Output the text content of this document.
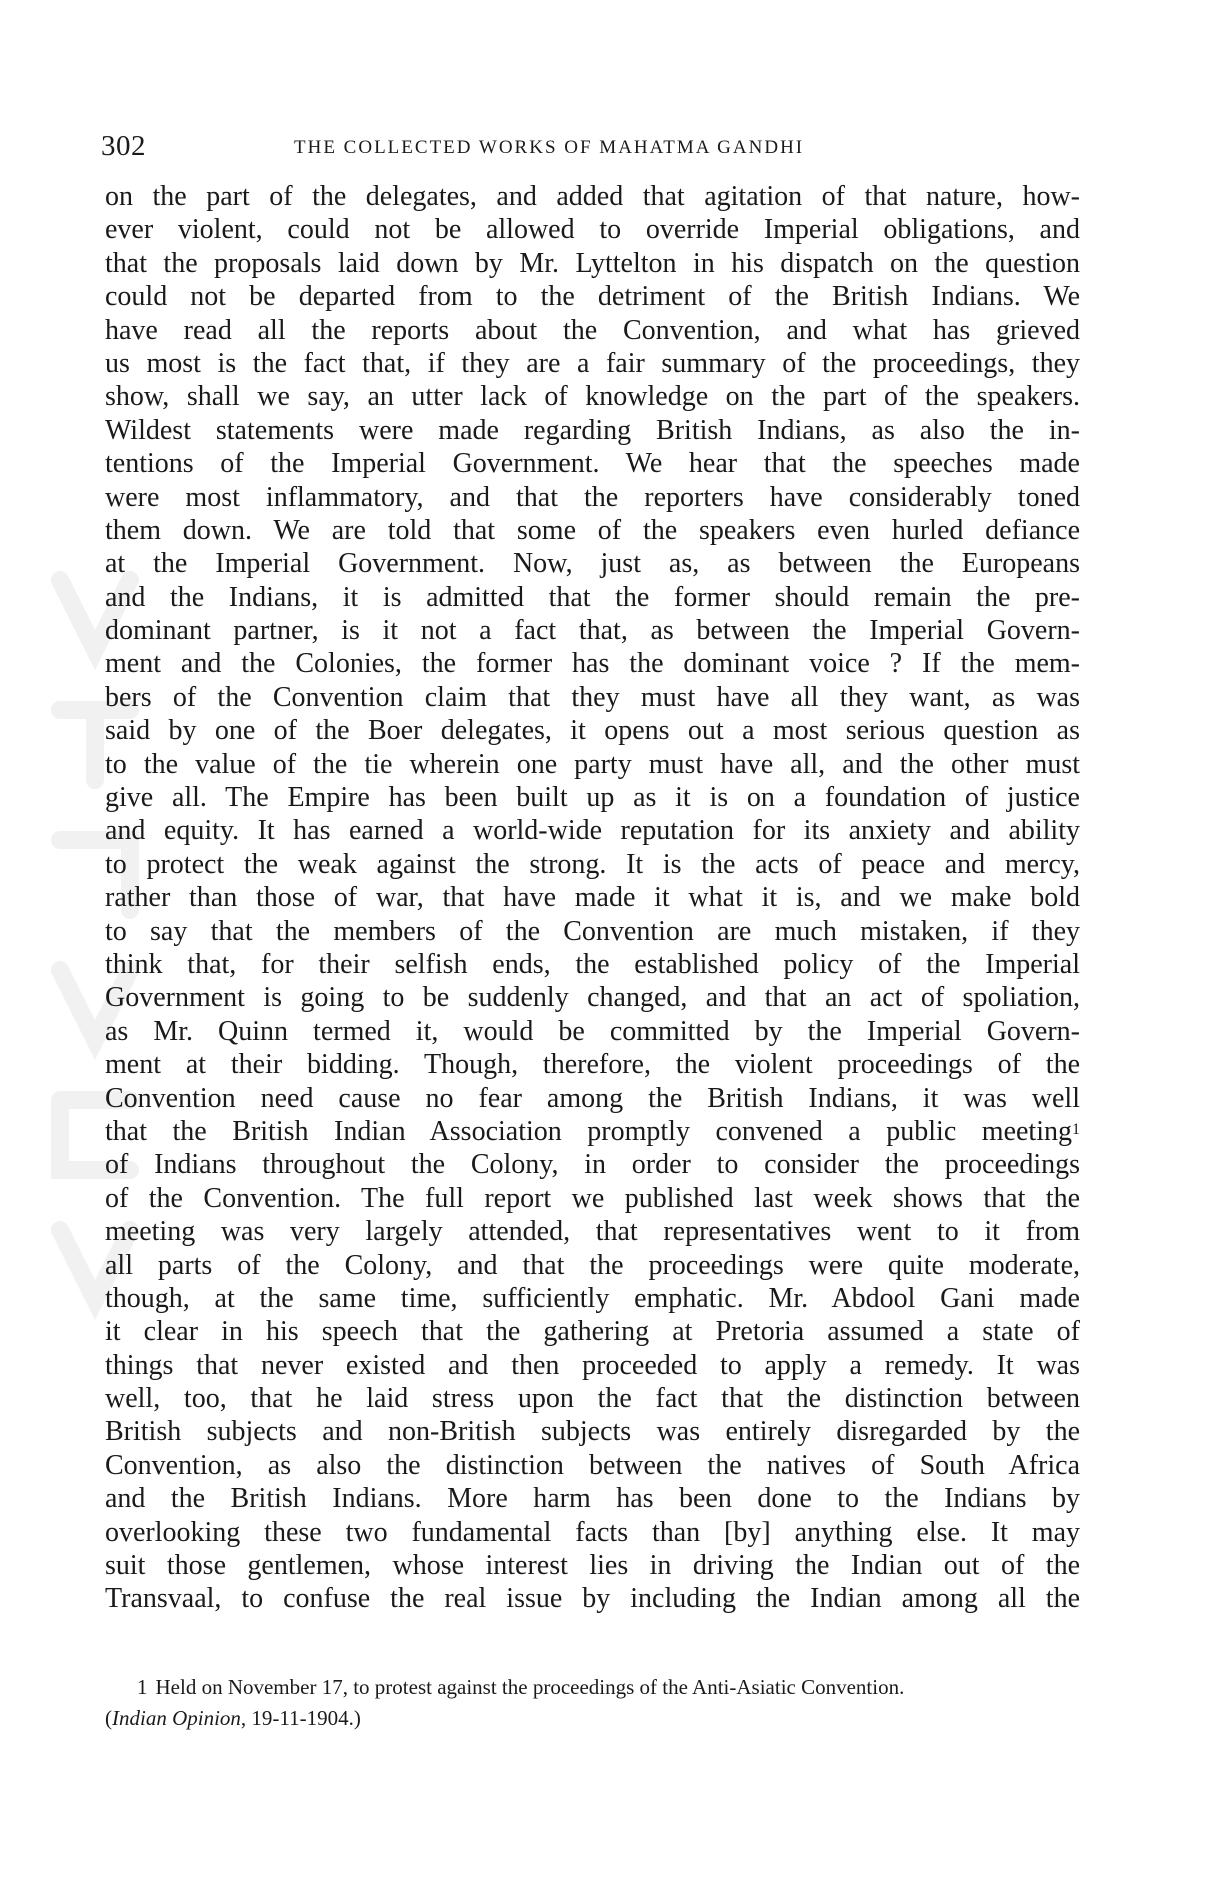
302	THE COLLECTED WORKS OF MAHATMA GANDHI
on the part of the delegates, and added that agitation of that nature, how-
ever violent, could not be allowed to override Imperial obligations, and
that the proposals laid down by Mr. Lyttelton in his dispatch on the question
could not be departed from to the detriment of the British Indians. We
have read all the reports about the Convention, and what has grieved
us most is the fact that, if they are a fair summary of the proceedings, they
show, shall we say, an utter lack of knowledge on the part of the speakers.
Wildest statements were made regarding British Indians, as also the in-
tentions of the Imperial Government. We hear that the speeches made
were most inflammatory, and that the reporters have considerably toned
them down. We are told that some of the speakers even hurled defiance
at the Imperial Government. Now, just as, as between the Europeans
and the Indians, it is admitted that the former should remain the pre-
dominant partner, is it not a fact that, as between the Imperial Govern-
ment and the Colonies, the former has the dominant voice ? If the mem-
bers of the Convention claim that they must have all they want, as was
said by one of the Boer delegates, it opens out a most serious question as
to the value of the tie wherein one party must have all, and the other must
give all. The Empire has been built up as it is on a foundation of justice
and equity. It has earned a world-wide reputation for its anxiety and ability
to protect the weak against the strong. It is the acts of peace and mercy,
rather than those of war, that have made it what it is, and we make bold
to say that the members of the Convention are much mistaken, if they
think that, for their selfish ends, the established policy of the Imperial
Government is going to be suddenly changed, and that an act of spoliation,
as Mr. Quinn termed it, would be committed by the Imperial Govern-
ment at their bidding. Though, therefore, the violent proceedings of the
Convention need cause no fear among the British Indians, it was well
that the British Indian Association promptly convened a public meeting$^1$
of Indians throughout the Colony, in order to consider the proceedings
of the Convention. The full report we published last week shows that the
meeting was very largely attended, that representatives went to it from
all parts of the Colony, and that the proceedings were quite moderate,
though, at the same time, sufficiently emphatic. Mr. Abdool Gani made
it clear in his speech that the gathering at Pretoria assumed a state of
things that never existed and then proceeded to apply a remedy. It was
well, too, that he laid stress upon the fact that the distinction between
British subjects and non-British subjects was entirely disregarded by the
Convention, as also the distinction between the natives of South Africa
and the British Indians. More harm has been done to the Indians by
overlooking these two fundamental facts than [by] anything else. It may
suit those gentlemen, whose interest lies in driving the Indian out of the
Transvaal, to confuse the real issue by including the Indian among all the
1 Held on November 17, to protest against the proceedings of the Anti-Asiatic Convention.
(Indian Opinion, 19-11-1904.)
